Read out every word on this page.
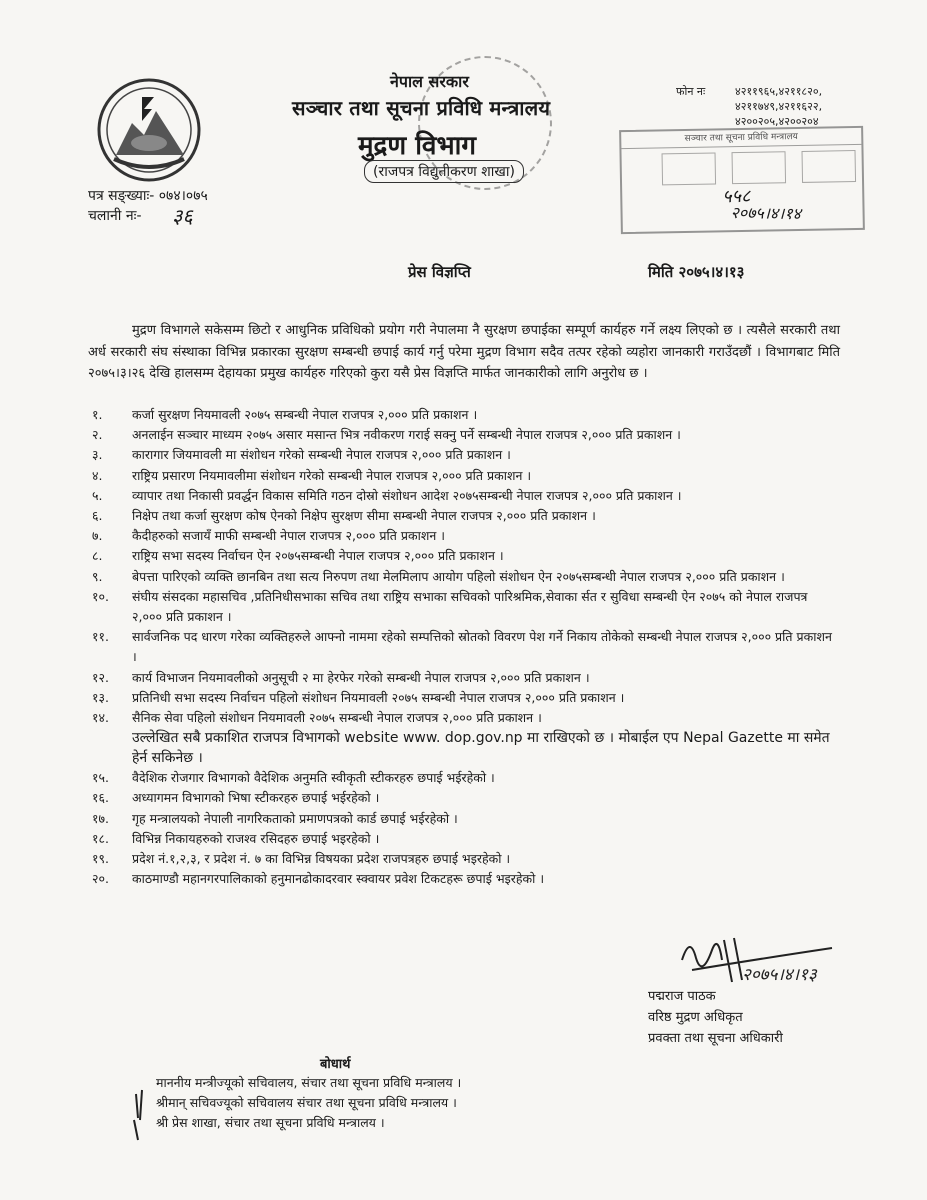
नेपाल सरकार
सञ्चार तथा सूचना प्रविधि मन्त्रालय
मुद्रण विभाग
(राजपत्र विद्युतीकरण शाखा)
फोन नः	४२११९६५,४२११८२०, ४२११७४९,४२११६२२, ४२००२०५,४२००२०४
सञ्चार तथा सूचना प्रविधि मन्त्रालय
५५८
२०७५।४।१४
पत्र सङ्ख्याः- ०७४।०७५
चलानी नः- ३६
प्रेस विज्ञप्ति	मिति २०७५।४।१३
मुद्रण विभागले सकेसम्म छिटो र आधुनिक प्रविधिको प्रयोग गरी नेपालमा नै सुरक्षण छपाईका सम्पूर्ण कार्यहरु गर्ने लक्ष्य लिएको छ । त्यसैले सरकारी तथा अर्ध सरकारी संघ संस्थाका विभिन्न प्रकारका सुरक्षण सम्बन्धी छपाई कार्य गर्नु परेमा मुद्रण विभाग सदैव तत्पर रहेको व्यहोरा जानकारी गराउँदछौं । विभागबाट मिति २०७५।३।२६ देखि हालसम्म देहायका प्रमुख कार्यहरु गरिएको कुरा यसै प्रेस विज्ञप्ति मार्फत जानकारीको लागि अनुरोध छ ।
१.	कर्जा सुरक्षण नियमावली २०७५ सम्बन्धी नेपाल राजपत्र २,००० प्रति प्रकाशन ।
२.	अनलाईन सञ्चार माध्यम २०७५ असार मसान्त भित्र नवीकरण गराई सक्नु पर्ने सम्बन्धी नेपाल राजपत्र २,००० प्रति प्रकाशन ।
३.	कारागार जियमावली मा संशोधन गरेको सम्बन्धी नेपाल राजपत्र २,००० प्रति प्रकाशन ।
४.	राष्ट्रिय प्रसारण नियमावलीमा संशोधन गरेको सम्बन्धी नेपाल राजपत्र २,००० प्रति प्रकाशन ।
५.	व्यापार तथा निकासी प्रवर्द्धन विकास समिति गठन दोस्रो संशोधन आदेश २०७५सम्बन्धी नेपाल राजपत्र २,००० प्रति प्रकाशन ।
६.	निक्षेप तथा कर्जा सुरक्षण कोष ऐनको निक्षेप सुरक्षण सीमा सम्बन्धी नेपाल राजपत्र २,००० प्रति प्रकाशन ।
७.	कैदीहरुको सजायँ माफी सम्बन्धी नेपाल राजपत्र २,००० प्रति प्रकाशन ।
८.	राष्ट्रिय सभा सदस्य निर्वाचन ऐन २०७५सम्बन्धी नेपाल राजपत्र २,००० प्रति प्रकाशन ।
९.	बेपत्ता पारिएको व्यक्ति छानबिन तथा सत्य निरुपण तथा मेलमिलाप आयोग पहिलो संशोधन ऐन २०७५सम्बन्धी नेपाल राजपत्र २,००० प्रति प्रकाशन ।
१०.	संघीय संसदका महासचिव ,प्रतिनिधीसभाका सचिव तथा राष्ट्रिय सभाका सचिवको पारिश्रमिक,सेवाका र्सत र सुविधा सम्बन्धी ऐन २०७५ को नेपाल राजपत्र २,००० प्रति प्रकाशन ।
११.	सार्वजनिक पद धारण गरेका व्यक्तिहरुले आफ्नो नाममा रहेको सम्पत्तिको स्रोतको विवरण पेश गर्ने निकाय तोकेको सम्बन्धी नेपाल राजपत्र २,००० प्रति प्रकाशन ।
१२.	कार्य विभाजन नियमावलीको अनुसूची २ मा हेरफेर गरेको सम्बन्धी नेपाल राजपत्र २,००० प्रति प्रकाशन ।
१३.	प्रतिनिधी सभा सदस्य निर्वाचन पहिलो संशोधन नियमावली २०७५ सम्बन्धी नेपाल राजपत्र २,००० प्रति प्रकाशन ।
१४.	सैनिक सेवा पहिलो संशोधन नियमावली २०७५ सम्बन्धी नेपाल राजपत्र २,००० प्रति प्रकाशन ।
उल्लेखित सबै प्रकाशित राजपत्र विभागको website www. dop.gov.np मा राखिएको छ । मोबाईल एप Nepal Gazette मा समेत हेर्न सकिनेछ ।
१५.	वैदेशिक रोजगार विभागको वैदेशिक अनुमति स्वीकृती स्टीकरहरु छपाई भईरहेको ।
१६.	अध्यागमन विभागको भिषा स्टीकरहरु छपाई भईरहेको ।
१७.	गृह मन्त्रालयको नेपाली नागरिकताको प्रमाणपत्रको कार्ड छपाई भईरहेको ।
१८.	विभिन्न निकायहरुको राजश्व रसिदहरु छपाई भइरहेको ।
१९.	प्रदेश नं.१,२,३, र प्रदेश नं. ७ का विभिन्न विषयका प्रदेश राजपत्रहरु छपाई भइरहेको ।
२०.	काठमाण्डौ महानगरपालिकाको हनुमानढोकादरवार स्क्वायर प्रवेश टिकटहरू छपाई भइरहेको ।
२०७५।४।१३
पद्मराज पाठक
वरिष्ठ मुद्रण अधिकृत
प्रवक्ता तथा सूचना अधिकारी
बोधार्थ
माननीय मन्त्रीज्यूको सचिवालय, संचार तथा सूचना प्रविधि मन्त्रालय ।
श्रीमान् सचिवज्यूको सचिवालय संचार तथा सूचना प्रविधि मन्त्रालय ।
श्री प्रेस शाखा, संचार तथा सूचना प्रविधि मन्त्रालय ।
